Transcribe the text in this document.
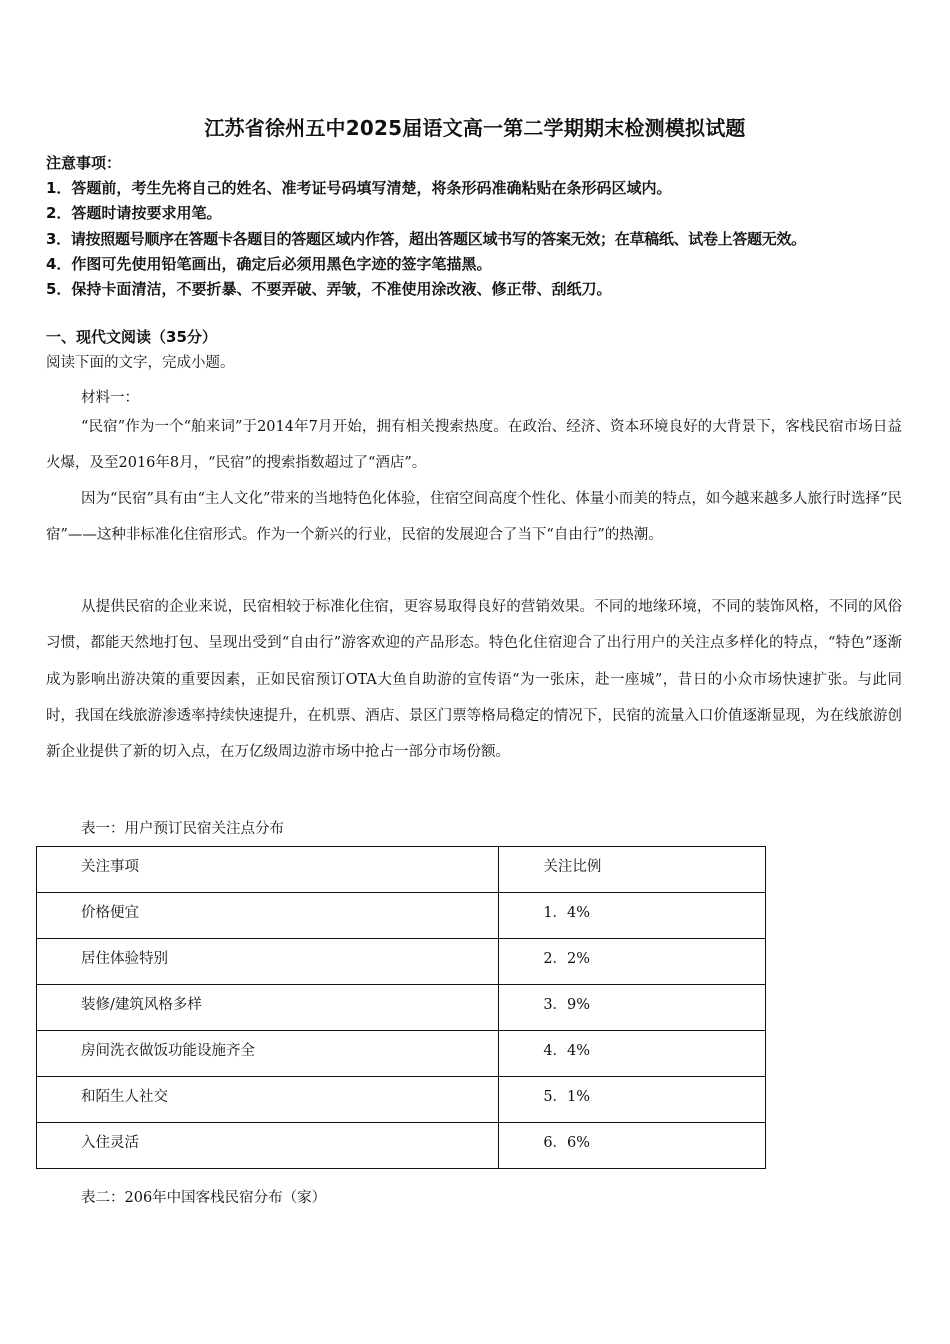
江苏省徐州五中2025届语文高一第二学期期末检测模拟试题
注意事项：
1．答题前，考生先将自己的姓名、准考证号码填写清楚，将条形码准确粘贴在条形码区域内。
2．答题时请按要求用笔。
3．请按照题号顺序在答题卡各题目的答题区域内作答，超出答题区域书写的答案无效；在草稿纸、试卷上答题无效。
4．作图可先使用铅笔画出，确定后必须用黑色字迹的签字笔描黑。
5．保持卡面清洁，不要折暴、不要弄破、弄皱，不准使用涂改液、修正带、刮纸刀。
一、现代文阅读（35分）
阅读下面的文字，完成小题。
材料一：
“民宿”作为一个“舶来词”于2014年7月开始，拥有相关搜索热度。在政治、经济、资本环境良好的大背景下，客栈民宿市场日益火爆，及至2016年8月，“民宿”的搜索指数超过了“酒店”。
因为“民宿”具有由“主人文化”带来的当地特色化体验，住宿空间高度个性化、体量小而美的特点，如今越来越多人旅行时选择“民宿”——这种非标准化住宿形式。作为一个新兴的行业，民宿的发展迎合了当下“自由行”的热潮。
从提供民宿的企业来说，民宿相较于标准化住宿，更容易取得良好的营销效果。不同的地缘环境，不同的装饰风格，不同的风俗习惯，都能天然地打包、呈现出受到“自由行”游客欢迎的产品形态。特色化住宿迎合了出行用户的关注点多样化的特点，“特色”逐渐成为影响出游决策的重要因素，正如民宿预订OTA大鱼自助游的宣传语“为一张床，赴一座城”，昔日的小众市场快速扩张。与此同时，我国在线旅游渗透率持续快速提升，在机票、酒店、景区门票等格局稳定的情况下，民宿的流量入口价值逐渐显现，为在线旅游创新企业提供了新的切入点，在万亿级周边游市场中抢占一部分市场份额。
表一：用户预订民宿关注点分布
关注事项	关注比例
价格便宜	1．4%
居住体验特别	2．2%
装修/建筑风格多样	3．9%
房间洗衣做饭功能设施齐全	4．4%
和陌生人社交	5．1%
入住灵活	6．6%
表二：206年中国客栈民宿分布（家）
